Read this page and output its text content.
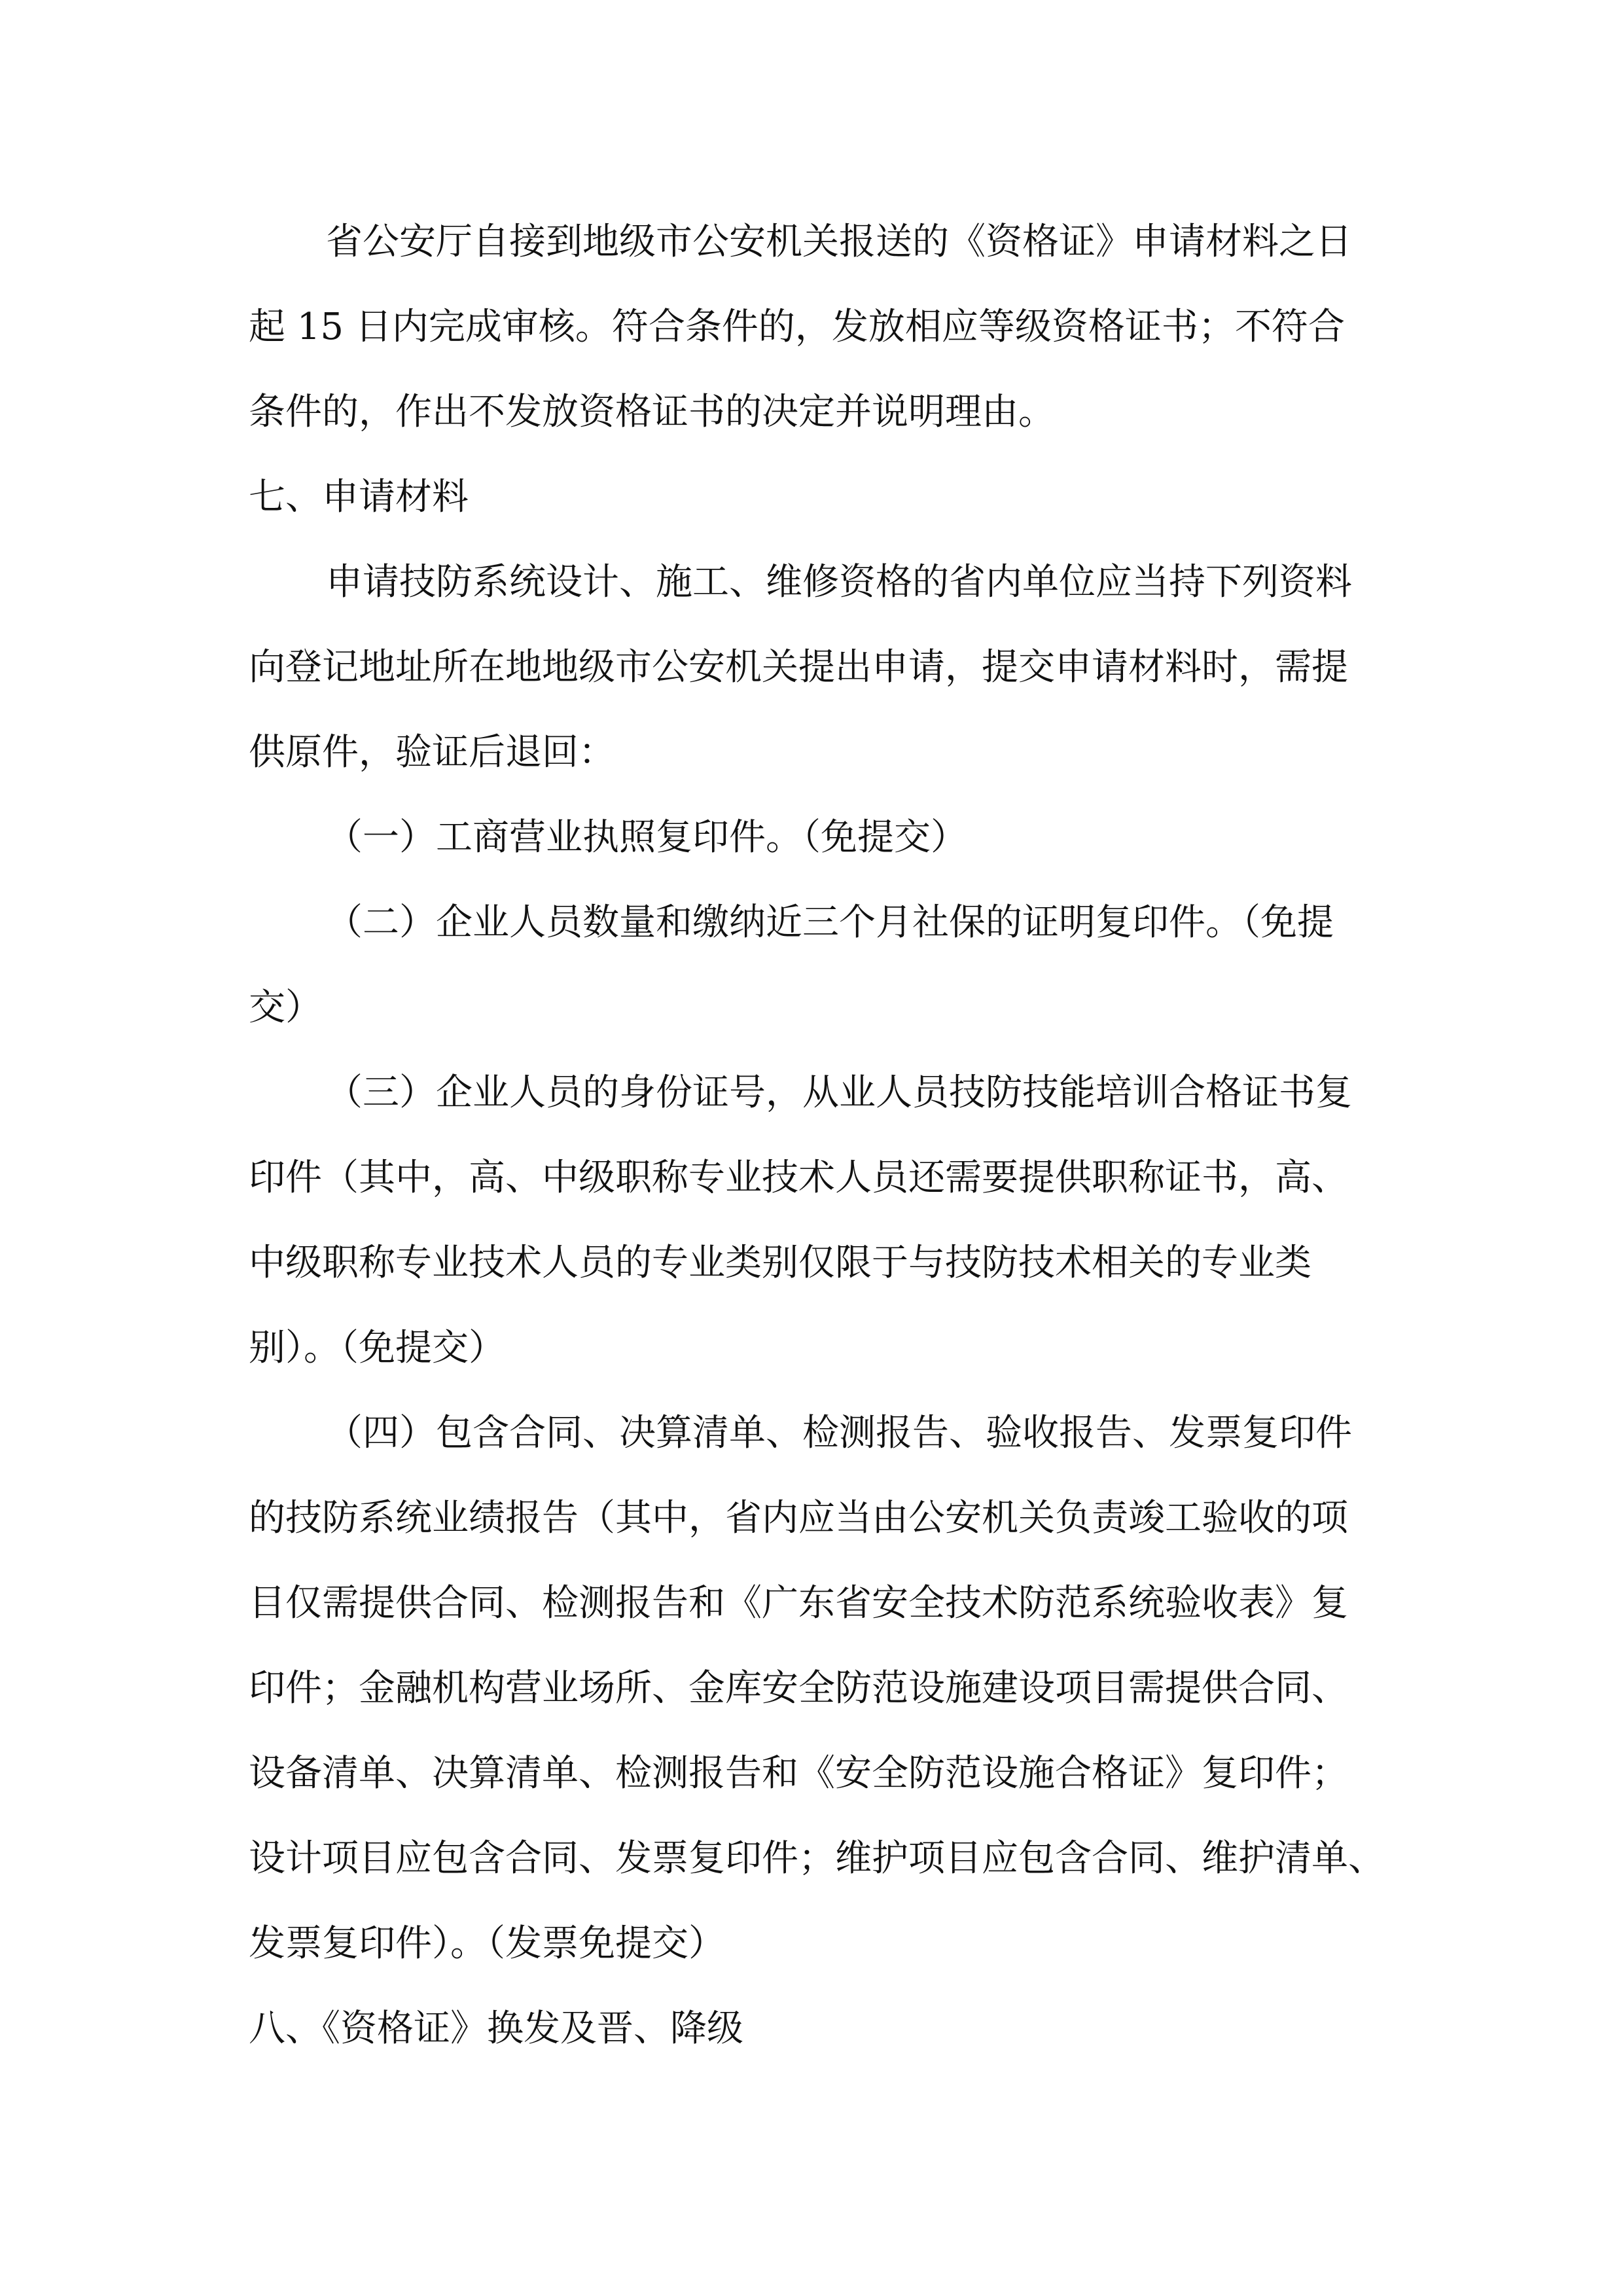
省公安厅自接到地级市公安机关报送的《资格证》申请材料之日
起 15 日内完成审核。符合条件的，发放相应等级资格证书；不符合
条件的，作出不发放资格证书的决定并说明理由。
七、申请材料
申请技防系统设计、施工、维修资格的省内单位应当持下列资料
向登记地址所在地地级市公安机关提出申请，提交申请材料时，需提
供原件，验证后退回：
（一）工商营业执照复印件。（免提交）
（二）企业人员数量和缴纳近三个月社保的证明复印件。（免提
交）
（三）企业人员的身份证号，从业人员技防技能培训合格证书复
印件（其中，高、中级职称专业技术人员还需要提供职称证书，高、
中级职称专业技术人员的专业类别仅限于与技防技术相关的专业类
别）。（免提交）
（四）包含合同、决算清单、检测报告、验收报告、发票复印件
的技防系统业绩报告（其中，省内应当由公安机关负责竣工验收的项
目仅需提供合同、检测报告和《广东省安全技术防范系统验收表》复
印件；金融机构营业场所、金库安全防范设施建设项目需提供合同、
设备清单、决算清单、检测报告和《安全防范设施合格证》复印件；
设计项目应包含合同、发票复印件；维护项目应包含合同、维护清单、
发票复印件）。（发票免提交）
八、《资格证》换发及晋、降级
